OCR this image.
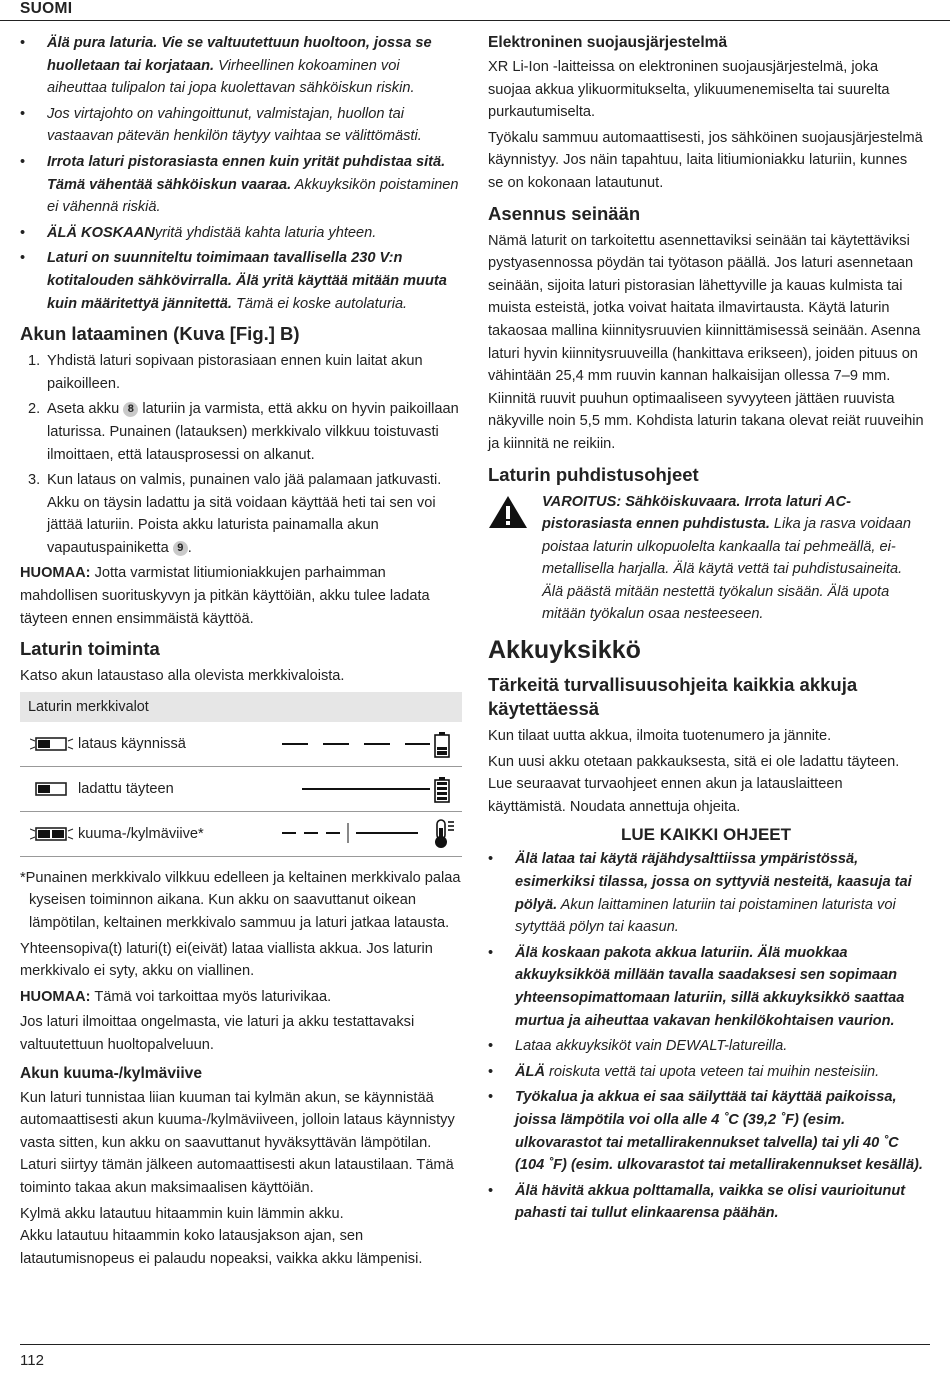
SUOMI
• Älä pura laturia. Vie se valtuutettuun huoltoon, jossa se huolletaan tai korjataan. Virheellinen kokoaminen voi aiheuttaa tulipalon tai jopa kuolettavan sähköiskun riskin.
• Jos virtajohto on vahingoittunut, valmistajan, huollon tai vastaavan pätevän henkilön täytyy vaihtaa se välittömästi.
• Irrota laturi pistorasiasta ennen kuin yrität puhdistaa sitä. Tämä vähentää sähköiskun vaaraa. Akkuyksikön poistaminen ei vähennä riskiä.
• ÄLÄ KOSKAANyritä yhdistää kahta laturia yhteen.
• Laturi on suunniteltu toimimaan tavallisella 230 V:n kotitalouden sähkövirralla. Älä yritä käyttää mitään muuta kuin määritettyä jännitettä. Tämä ei koske autolaturia.
Akun lataaminen (Kuva [Fig.] B)
1. Yhdistä laturi sopivaan pistorasiaan ennen kuin laitat akun paikoilleen.
2. Aseta akku 8 laturiin ja varmista, että akku on hyvin paikoillaan laturissa. Punainen (latauksen) merkkivalo vilkkuu toistuvasti ilmoittaen, että latausprosessi on alkanut.
3. Kun lataus on valmis, punainen valo jää palamaan jatkuvasti. Akku on täysin ladattu ja sitä voidaan käyttää heti tai sen voi jättää laturiin. Poista akku laturista painamalla akun vapautuspainiketta 9 .

HUOMAA: Jotta varmistat litiumioniakkujen parhaimman mahdollisen suorituskyvyn ja pitkän käyttöiän, akku tulee ladata täyteen ennen ensimmäistä käyttöä.

Laturin toiminta

Katso akun lataustaso alla olevista merkkivaloista.

Laturin merkkivalot
lataus käynnissä
ladattu täyteen
kuuma-/kylmäviive*

*Punainen merkkivalo vilkkuu edelleen ja keltainen merkkivalo palaa kyseisen toiminnon aikana. Kun akku on saavuttanut oikean lämpötilan, keltainen merkkivalo sammuu ja laturi jatkaa latausta.

Yhteensopiva(t) laturi(t) ei(eivät) lataa viallista akkua. Jos laturin merkkivalo ei syty, akku on viallinen.

HUOMAA: Tämä voi tarkoittaa myös laturivikaa.

Jos laturi ilmoittaa ongelmasta, vie laturi ja akku testattavaksi valtuutettuun huoltopalveluun.

Akun kuuma-/kylmäviive

Kun laturi tunnistaa liian kuuman tai kylmän akun, se käynnistää automaattisesti akun kuuma-/kylmäviiveen, jolloin lataus käynnistyy vasta sitten, kun akku on saavuttanut hyväksyttävän lämpötilan. Laturi siirtyy tämän jälkeen automaattisesti akun lataustilaan. Tämä toiminto takaa akun maksimaalisen käyttöiän.

Kylmä akku latautuu hitaammin kuin lämmin akku.

Akku latautuu hitaammin koko latausjakson ajan, sen latautumisnopeus ei palaudu nopeaksi, vaikka akku lämpenisi.

Elektroninen suojausjärjestelmä

XR Li-Ion -laitteissa on elektroninen suojausjärjestelmä, joka suojaa akkua ylikuormitukselta, ylikuumenemiselta tai suurelta purkautumiselta.

Työkalu sammuu automaattisesti, jos sähköinen suojausjärjestelmä käynnistyy. Jos näin tapahtuu, laita litiumioniakku laturiin, kunnes se on kokonaan latautunut.

Asennus seinään

Nämä laturit on tarkoitettu asennettaviksi seinään tai käytettäviksi pystyasennossa pöydän tai työtason päällä. Jos laturi asennetaan seinään, sijoita laturi pistorasian lähettyville ja kauas kulmista tai muista esteistä, jotka voivat haitata ilmavirtausta. Käytä laturin takaosaa mallina kiinnitysruuvien kiinnittämisessä seinään. Asenna laturi hyvin kiinnitysruuveilla (hankittava erikseen), joiden pituus on vähintään 25,4 mm ruuvin kannan halkaisijan ollessa 7–9 mm. Kiinnitä ruuvit puuhun optimaaliseen syvyyteen jättäen ruuvista näkyville noin 5,5 mm. Kohdista laturin takana olevat reiät ruuveihin ja kiinnitä ne reikiin.

Laturin puhdistusohjeet
VAROITUS: Sähköiskuvaara. Irrota laturi AC-pistorasiasta ennen puhdistusta. Lika ja rasva voidaan poistaa laturin ulkopuolelta kankaalla tai pehmeällä, ei-metallisella harjalla. Älä käytä vettä tai puhdistusaineita. Älä päästä mitään nestettä työkalun sisään. Älä upota mitään työkalun osaa nesteeseen.
Akkuyksikkö
Tärkeitä turvallisuusohjeita kaikkia akkuja käytettäessä

Kun tilaat uutta akkua, ilmoita tuotenumero ja jännite.

Kun uusi akku otetaan pakkauksesta, sitä ei ole ladattu täyteen. Lue seuraavat turvaohjeet ennen akun ja latauslaitteen käyttämistä. Noudata annettuja ohjeita.

LUE KAIKKI OHJEET
• Älä lataa tai käytä räjähdysalttiissa ympäristössä, esimerkiksi tilassa, jossa on syttyviä nesteitä, kaasuja tai pölyä. Akun laittaminen laturiin tai poistaminen laturista voi sytyttää pölyn tai kaasun.
• Älä koskaan pakota akkua laturiin. Älä muokkaa akkuyksikköä millään tavalla saadaksesi sen sopimaan yhteensopimattomaan laturiin, sillä akkuyksikkö saattaa murtua ja aiheuttaa vakavan henkilökohtaisen vaurion.
• Lataa akkuyksiköt vain DEWALT-latureilla.
• ÄLÄ roiskuta vettä tai upota veteen tai muihin nesteisiin.
• Työkalua ja akkua ei saa säilyttää tai käyttää paikoissa, joissa lämpötila voi olla alle 4 ˚C (39,2 ˚F) (esim. ulkovarastot tai metallirakennukset talvella) tai yli 40 ˚C (104 ˚F) (esim. ulkovarastot tai metallirakennukset kesällä).
• Älä hävitä akkua polttamalla, vaikka se olisi vaurioitunut pahasti tai tullut elinkaarensa päähän.
112
